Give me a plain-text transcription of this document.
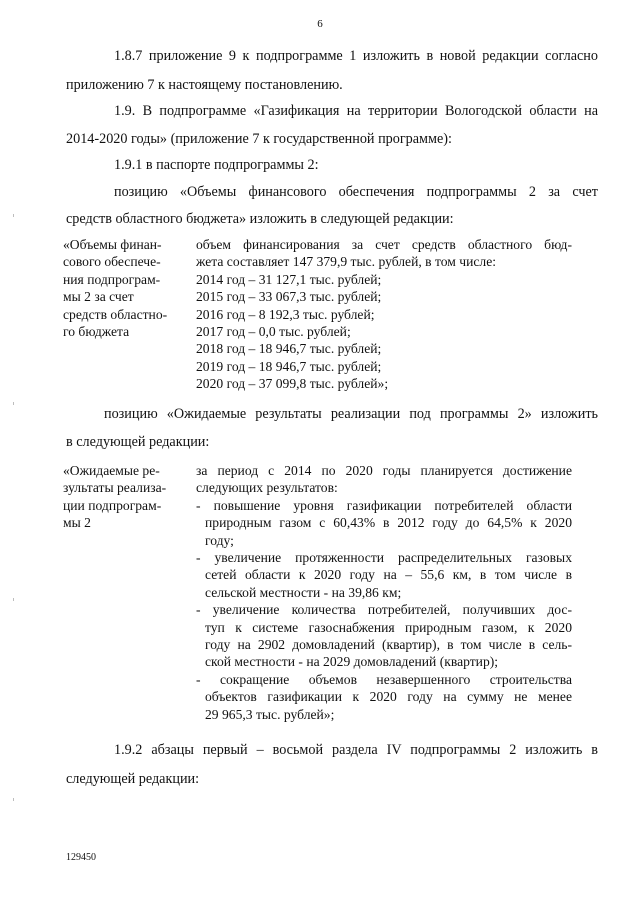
6
1.8.7 приложение 9 к подпрограмме 1 изложить в новой редакции согласно
приложению 7 к настоящему постановлению.
1.9. В подпрограмме «Газификация на территории Вологодской области на
2014-2020 годы» (приложение 7 к государственной программе):
1.9.1 в паспорте подпрограммы 2:
позицию «Объемы финансового обеспечения подпрограммы 2 за счет
средств областного бюджета» изложить в следующей редакции:
«Объемы финан-
сового обеспече-
ния подпрограм-
мы 2 за счет
средств областно-
го бюджета
объем финансирования за счет средств областного бюд-
жета составляет 147 379,9 тыс. рублей, в том числе:
2014 год – 31 127,1 тыс. рублей;
2015 год – 33 067,3 тыс. рублей;
2016 год – 8 192,3 тыс. рублей;
2017 год – 0,0 тыс. рублей;
2018 год – 18 946,7 тыс. рублей;
2019 год – 18 946,7 тыс. рублей;
2020 год – 37 099,8 тыс. рублей»;
позицию «Ожидаемые результаты реализации под программы 2» изложить
в следующей редакции:
«Ожидаемые ре-
зультаты реализа-
ции подпрограм-
мы 2
за период с 2014 по 2020 годы планируется достижение
следующих результатов:
- повышение уровня газификации потребителей области
природным газом с 60,43% в 2012 году до 64,5% к 2020
году;
- увеличение протяженности распределительных газовых
сетей области к 2020 году на – 55,6 км, в том числе в
сельской местности - на 39,86 км;
- увеличение количества потребителей, получивших дос-
туп к системе газоснабжения природным газом, к 2020
году на 2902 домовладений (квартир), в том числе в сель-
ской местности - на 2029 домовладений (квартир);
- сокращение объемов незавершенного строительства
объектов газификации к 2020 году на сумму не менее
29 965,3 тыс. рублей»;
1.9.2 абзацы первый – восьмой раздела IV подпрограммы 2 изложить в
следующей редакции:
129450
